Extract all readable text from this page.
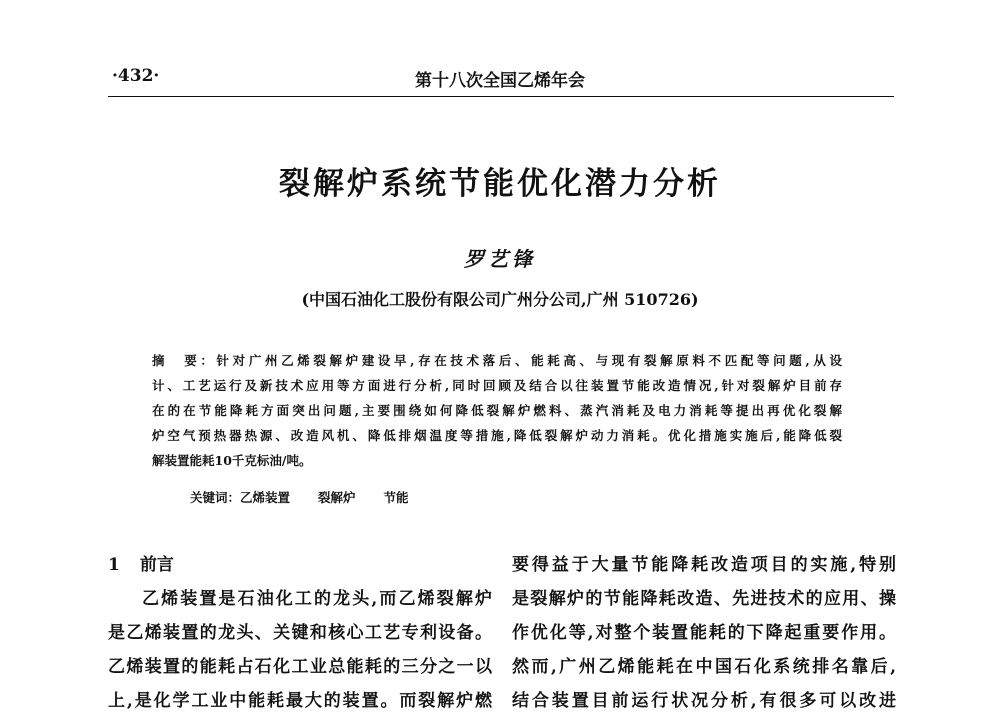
·432·	第十八次全国乙烯年会
裂解炉系统节能优化潜力分析
罗艺锋
(中国石油化工股份有限公司广州分公司,广州 510726)
摘　要：针对广州乙烯裂解炉建设早,存在技术落后、能耗高、与现有裂解原料不匹配等问题,从设
计、工艺运行及新技术应用等方面进行分析,同时回顾及结合以往装置节能改造情况,针对裂解炉目前存
在的在节能降耗方面突出问题,主要围绕如何降低裂解炉燃料、蒸汽消耗及电力消耗等提出再优化裂解
炉空气预热器热源、改造风机、降低排烟温度等措施,降低裂解炉动力消耗。优化措施实施后,能降低裂
解装置能耗10千克标油/吨。
关键词：乙烯装置 裂解炉 节能
1 前言
乙烯装置是石油化工的龙头,而乙烯裂解炉
是乙烯装置的龙头、关键和核心工艺专利设备。
乙烯装置的能耗占石化工业总能耗的三分之一以
上,是化学工业中能耗最大的装置。而裂解炉燃
要得益于大量节能降耗改造项目的实施,特别
是裂解炉的节能降耗改造、先进技术的应用、操
作优化等,对整个装置能耗的下降起重要作用。
然而,广州乙烯能耗在中国石化系统排名靠后,
结合装置目前运行状况分析,有很多可以改进
